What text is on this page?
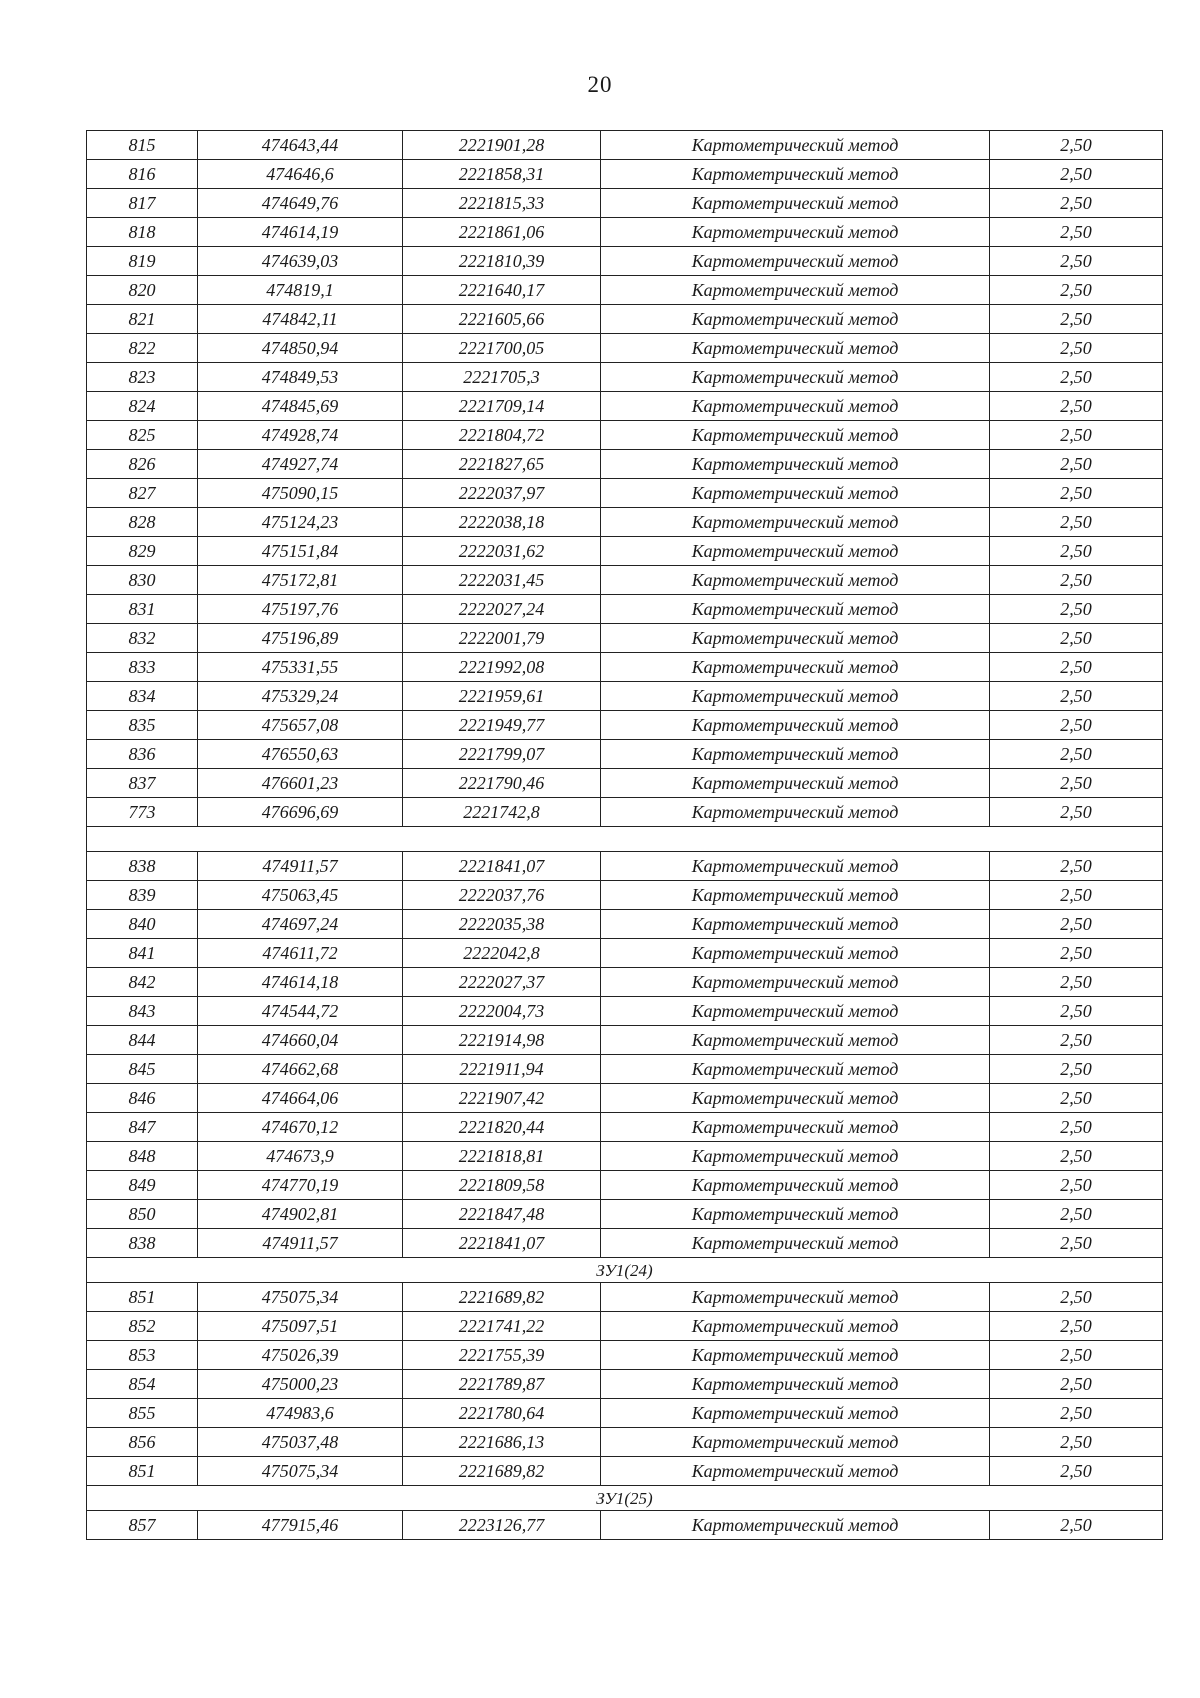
20
815	474643,44	2221901,28	Картометрический метод	2,50
816	474646,6	2221858,31	Картометрический метод	2,50
817	474649,76	2221815,33	Картометрический метод	2,50
818	474614,19	2221861,06	Картометрический метод	2,50
819	474639,03	2221810,39	Картометрический метод	2,50
820	474819,1	2221640,17	Картометрический метод	2,50
821	474842,11	2221605,66	Картометрический метод	2,50
822	474850,94	2221700,05	Картометрический метод	2,50
823	474849,53	2221705,3	Картометрический метод	2,50
824	474845,69	2221709,14	Картометрический метод	2,50
825	474928,74	2221804,72	Картометрический метод	2,50
826	474927,74	2221827,65	Картометрический метод	2,50
827	475090,15	2222037,97	Картометрический метод	2,50
828	475124,23	2222038,18	Картометрический метод	2,50
829	475151,84	2222031,62	Картометрический метод	2,50
830	475172,81	2222031,45	Картометрический метод	2,50
831	475197,76	2222027,24	Картометрический метод	2,50
832	475196,89	2222001,79	Картометрический метод	2,50
833	475331,55	2221992,08	Картометрический метод	2,50
834	475329,24	2221959,61	Картометрический метод	2,50
835	475657,08	2221949,77	Картометрический метод	2,50
836	476550,63	2221799,07	Картометрический метод	2,50
837	476601,23	2221790,46	Картометрический метод	2,50
773	476696,69	2221742,8	Картометрический метод	2,50

838	474911,57	2221841,07	Картометрический метод	2,50
839	475063,45	2222037,76	Картометрический метод	2,50
840	474697,24	2222035,38	Картометрический метод	2,50
841	474611,72	2222042,8	Картометрический метод	2,50
842	474614,18	2222027,37	Картометрический метод	2,50
843	474544,72	2222004,73	Картометрический метод	2,50
844	474660,04	2221914,98	Картометрический метод	2,50
845	474662,68	2221911,94	Картометрический метод	2,50
846	474664,06	2221907,42	Картометрический метод	2,50
847	474670,12	2221820,44	Картометрический метод	2,50
848	474673,9	2221818,81	Картометрический метод	2,50
849	474770,19	2221809,58	Картометрический метод	2,50
850	474902,81	2221847,48	Картометрический метод	2,50
838	474911,57	2221841,07	Картометрический метод	2,50
ЗУ1(24)				
851	475075,34	2221689,82	Картометрический метод	2,50
852	475097,51	2221741,22	Картометрический метод	2,50
853	475026,39	2221755,39	Картометрический метод	2,50
854	475000,23	2221789,87	Картометрический метод	2,50
855	474983,6	2221780,64	Картометрический метод	2,50
856	475037,48	2221686,13	Картометрический метод	2,50
851	475075,34	2221689,82	Картометрический метод	2,50
ЗУ1(25)				
857	477915,46	2223126,77	Картометрический метод	2,50
